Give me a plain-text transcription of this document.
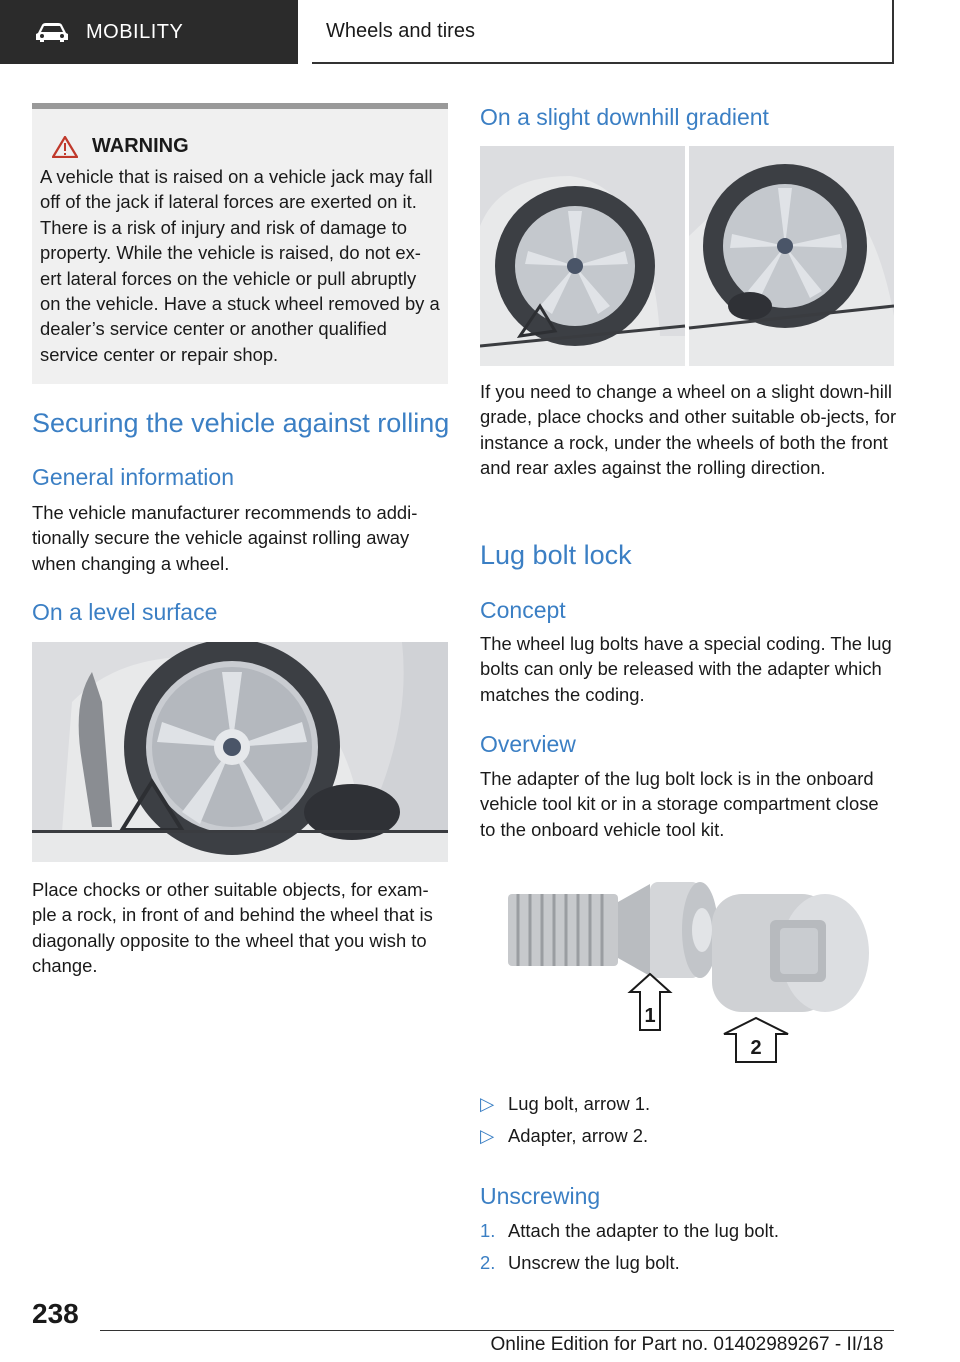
MOBILITY	Wheels and tires
WARNING
A vehicle that is raised on a vehicle jack may fall off of the jack if lateral forces are exerted on it. There is a risk of injury and risk of damage to property. While the vehicle is raised, do not ex-ert lateral forces on the vehicle or pull abruptly on the vehicle. Have a stuck wheel removed by a dealer’s service center or another qualified service center or repair shop.
Securing the vehicle against rolling
General information
The vehicle manufacturer recommends to addi-tionally secure the vehicle against rolling away when changing a wheel.
On a level surface
Place chocks or other suitable objects, for exam-ple a rock, in front of and behind the wheel that is diagonally opposite to the wheel that you wish to change.
On a slight downhill gradient
If you need to change a wheel on a slight down-hill grade, place chocks and other suitable ob-jects, for instance a rock, under the wheels of both the front and rear axles against the rolling direction.
Lug bolt lock
Concept
The wheel lug bolts have a special coding. The lug bolts can only be released with the adapter which matches the coding.
Overview
The adapter of the lug bolt lock is in the onboard vehicle tool kit or in a storage compartment close to the onboard vehicle tool kit.
1
2
▷ Lug bolt, arrow 1.
▷ Adapter, arrow 2.
Unscrewing
1. Attach the adapter to the lug bolt.
2. Unscrew the lug bolt.
238
Online Edition for Part no. 01402989267 - II/18
